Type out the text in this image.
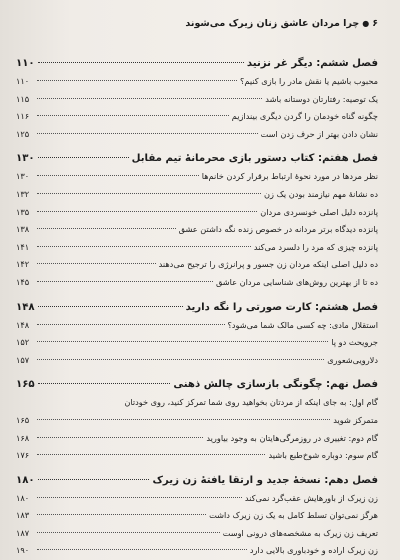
۶●چرا مردان عاشق زنان زیرک می‌شوند
فصل ششم: دیگر غر نزنید
۱۱۰
محبوب باشیم یا نقش مادر را بازی کنیم؟
۱۱۰
یک توصیه: رفتارتان دوستانه باشد
۱۱۵
چگونه گناه خودمان را گردن دیگری بیندازیم
۱۱۶
نشان دادن بهتر از حرف زدن است
۱۲۵
فصل هفتم: کتاب دستور بازی محرمانهٔ تیم مقابل
۱۳۰
نظر مردها در مورد نحوهٔ ارتباط برقرار کردن خانم‌ها
۱۳۰
ده نشانهٔ مهم نیازمند بودن یک زن
۱۳۲
پانزده دلیل اصلی خونسردی مردان
۱۳۵
پانزده دیدگاه برتر مردانه در خصوص زنده نگه داشتن عشق
۱۳۸
پانزده چیزی که مرد را دلسرد می‌کند
۱۴۱
ده دلیل اصلی اینکه مردان زن جسور و پرانرژی را ترجیح می‌دهند
۱۴۲
ده تا از بهترین روش‌های شناسایی مردان عاشق
۱۴۵
فصل هشتم: کارت صورتی را نگه دارید
۱۴۸
استقلال مادی: چه کسی مالک شما می‌شود؟
۱۴۸
جرویحث دو پا
۱۵۲
دلارویی‌شعوری
۱۵۷
فصل نهم: چگونگی بازسازی چالش ذهنی
۱۶۵
گام اول: به جای اینکه از مردتان بخواهید روی شما تمرکز کنید، روی خودتان
متمرکز شوید
۱۶۵
گام دوم: تغییری در روزمرگی‌هایتان به وجود بیاورید
۱۶۸
گام سوم: دوباره شوخ‌طبع باشید
۱۷۶
فصل دهم: نسخهٔ جدید و ارتقا یافتهٔ زن زیرک
۱۸۰
زن زیرک از باورهایش عقب‌گرد نمی‌کند
۱۸۰
هرگز نمی‌توان تسلط کامل به یک زن زیرک داشت
۱۸۳
تعریف زن زیرک به مشخصه‌های درونی اوست
۱۸۷
زن زیرک اراده و خودباوری بالایی دارد
۱۹۰
